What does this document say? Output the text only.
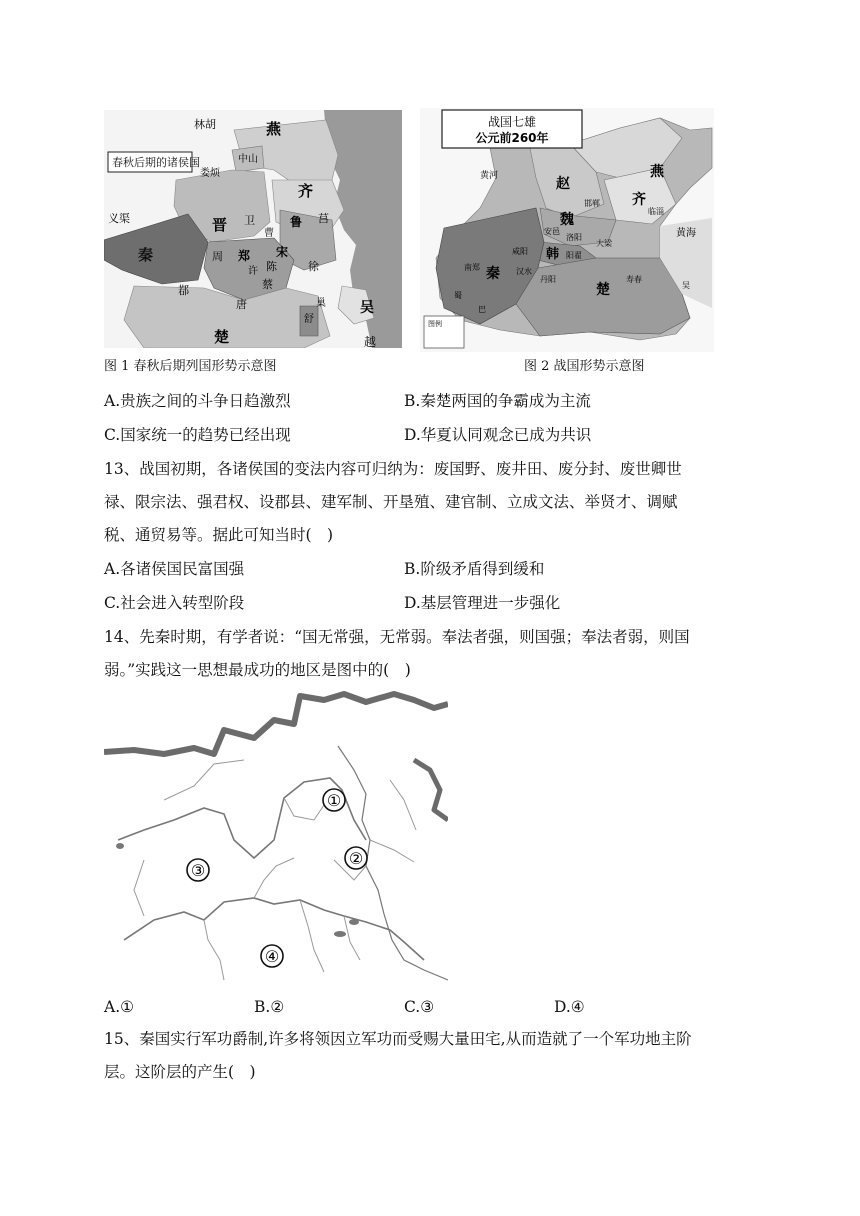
春秋后期的诸侯国
林胡	燕
中山
娄烦
齐
义渠	晋 卫
曹
鲁 莒
秦	周 郑 宋
许 陈
蔡
徐
鄀
唐	巢 吴
舒
楚	越
战国七雄
公元前260年
燕
赵
齐
魏
韩
秦
楚
黄河
黄海
邯郸
临淄
安邑
洛阳
大梁
咸阳	阳翟
南郑
丹阳	寿春
汉水
蜀
巴
吴
图例
图 1 春秋后期列国形势示意图	图 2 战国形势示意图
A.贵族之间的斗争日趋激烈	B.秦楚两国的争霸成为主流
C.国家统一的趋势已经出现	D.华夏认同观念已成为共识
13、战国初期，各诸侯国的变法内容可归纳为：废国野、废井田、废分封、废世卿世
禄、限宗法、强君权、设郡县、建军制、开垦殖、建官制、立成文法、举贤才、调赋
税、通贸易等。据此可知当时(　)
A.各诸侯国民富国强	B.阶级矛盾得到缓和
C.社会进入转型阶段	D.基层管理进一步强化
14、先秦时期，有学者说：“国无常强，无常弱。奉法者强，则国强；奉法者弱，则国
弱。”实践这一思想最成功的地区是图中的(　)
①
②
③
④
A.①	B.②	C.③	D.④
15、秦国实行军功爵制,许多将领因立军功而受赐大量田宅,从而造就了一个军功地主阶
层。这阶层的产生(　)
